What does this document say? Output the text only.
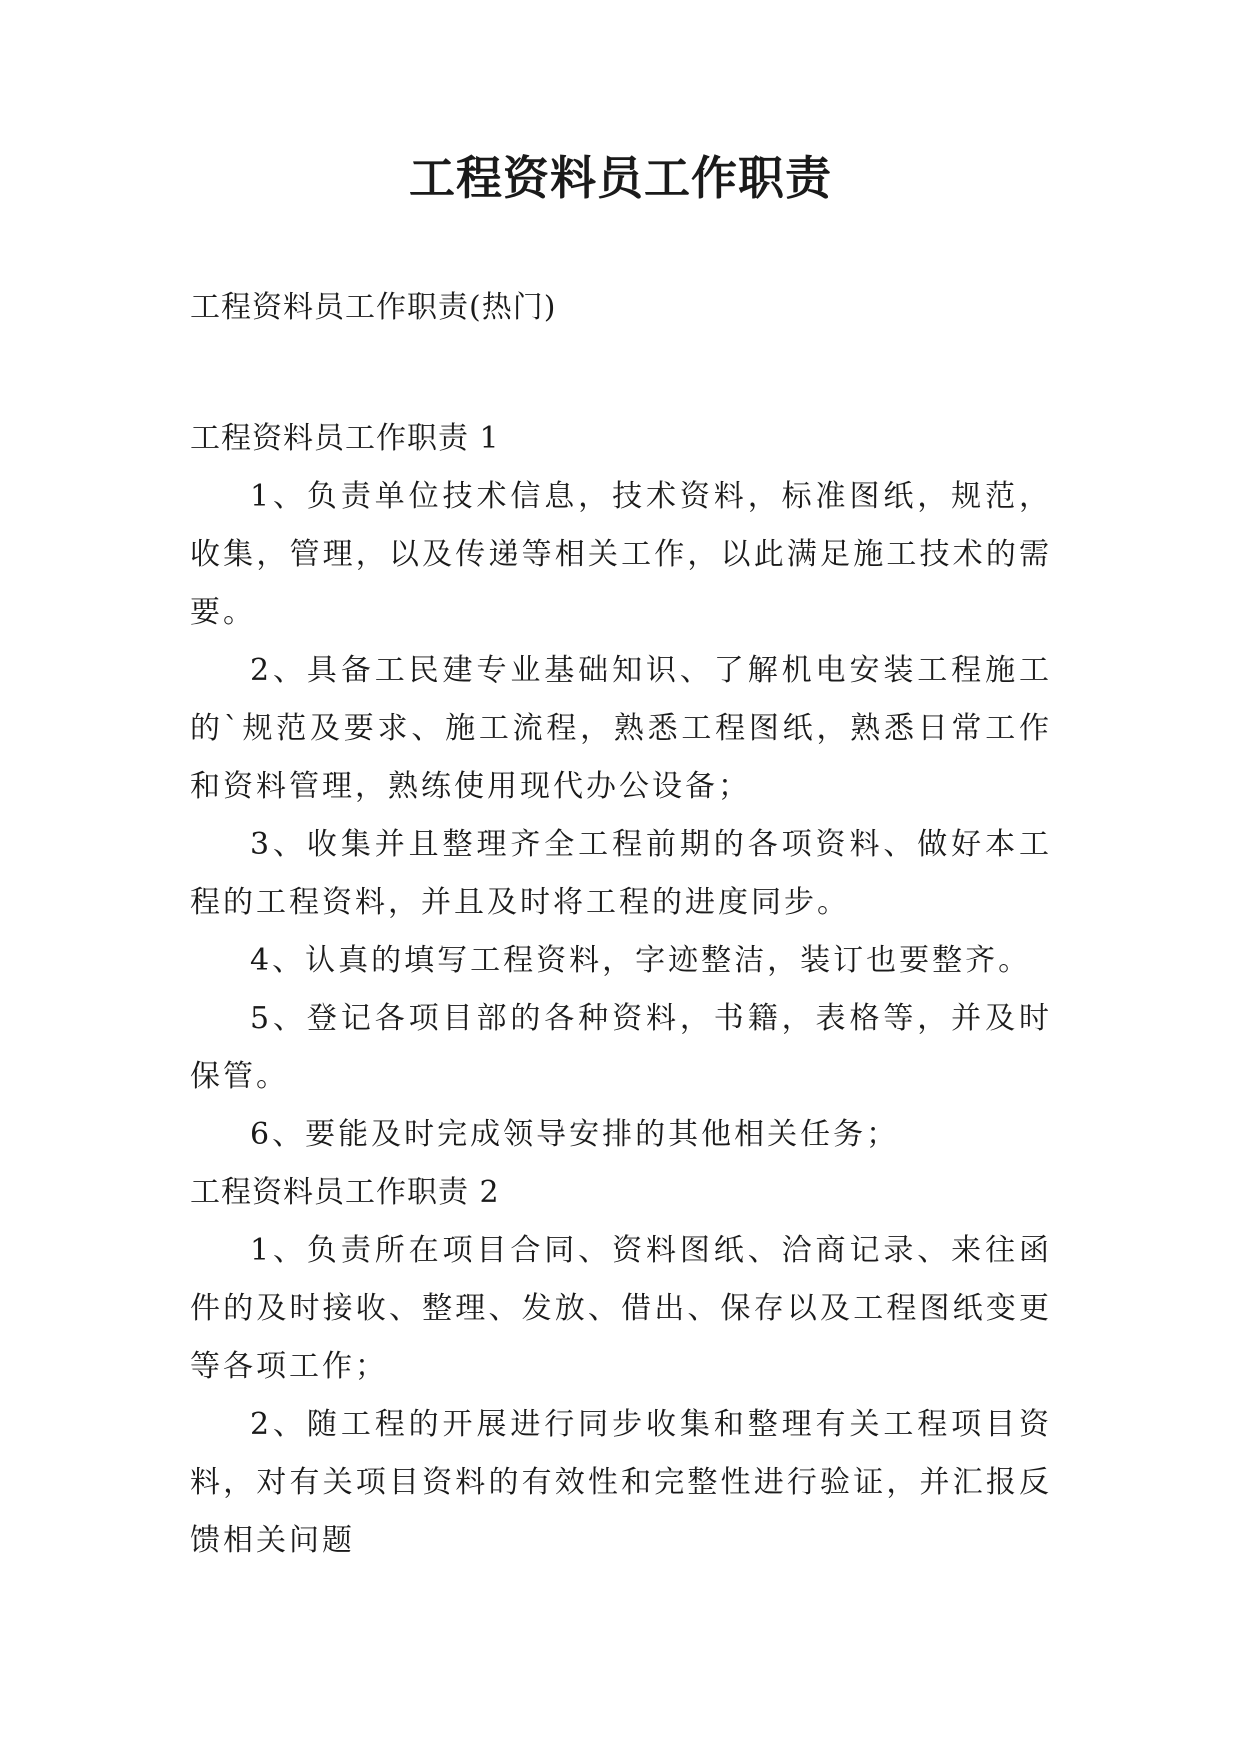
工程资料员工作职责
工程资料员工作职责(热门)

工程资料员工作职责 1

1、负责单位技术信息，技术资料，标准图纸，规范，收集，管理，以及传递等相关工作，以此满足施工技术的需要。

2、具备工民建专业基础知识、了解机电安装工程施工的`规范及要求、施工流程，熟悉工程图纸，熟悉日常工作和资料管理，熟练使用现代办公设备；

3、收集并且整理齐全工程前期的各项资料、做好本工程的工程资料，并且及时将工程的进度同步。

4、认真的填写工程资料，字迹整洁，装订也要整齐。

5、登记各项目部的各种资料，书籍，表格等，并及时保管。

6、要能及时完成领导安排的其他相关任务；

工程资料员工作职责 2

1、负责所在项目合同、资料图纸、洽商记录、来往函件的及时接收、整理、发放、借出、保存以及工程图纸变更等各项工作；

2、随工程的开展进行同步收集和整理有关工程项目资料，对有关项目资料的有效性和完整性进行验证，并汇报反馈相关问题
